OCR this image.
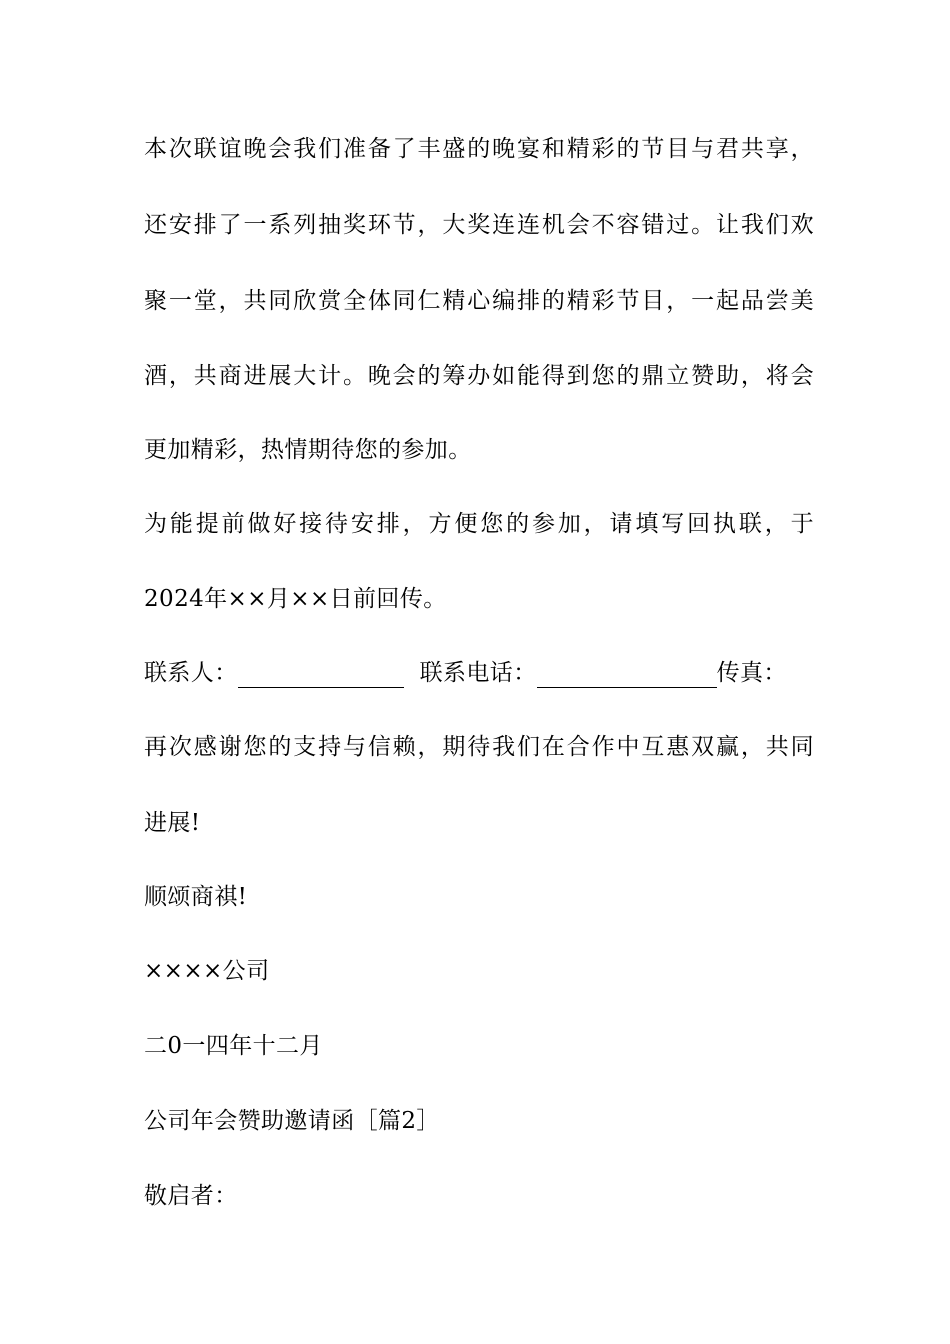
本次联谊晚会我们准备了丰盛的晚宴和精彩的节目与君共享，
还安排了一系列抽奖环节，大奖连连机会不容错过。让我们欢
聚一堂，共同欣赏全体同仁精心编排的精彩节目，一起品尝美
酒，共商进展大计。晚会的筹办如能得到您的鼎立赞助，将会
更加精彩，热情期待您的参加。
为能提前做好接待安排，方便您的参加，请填写回执联，于
2024年××月××日前回传。
联系人：	联系电话：	传真：
再次感谢您的支持与信赖，期待我们在合作中互惠双赢，共同
进展!
顺颂商祺!
××××公司
二0一四年十二月
公司年会赞助邀请函［篇2］
敬启者：
